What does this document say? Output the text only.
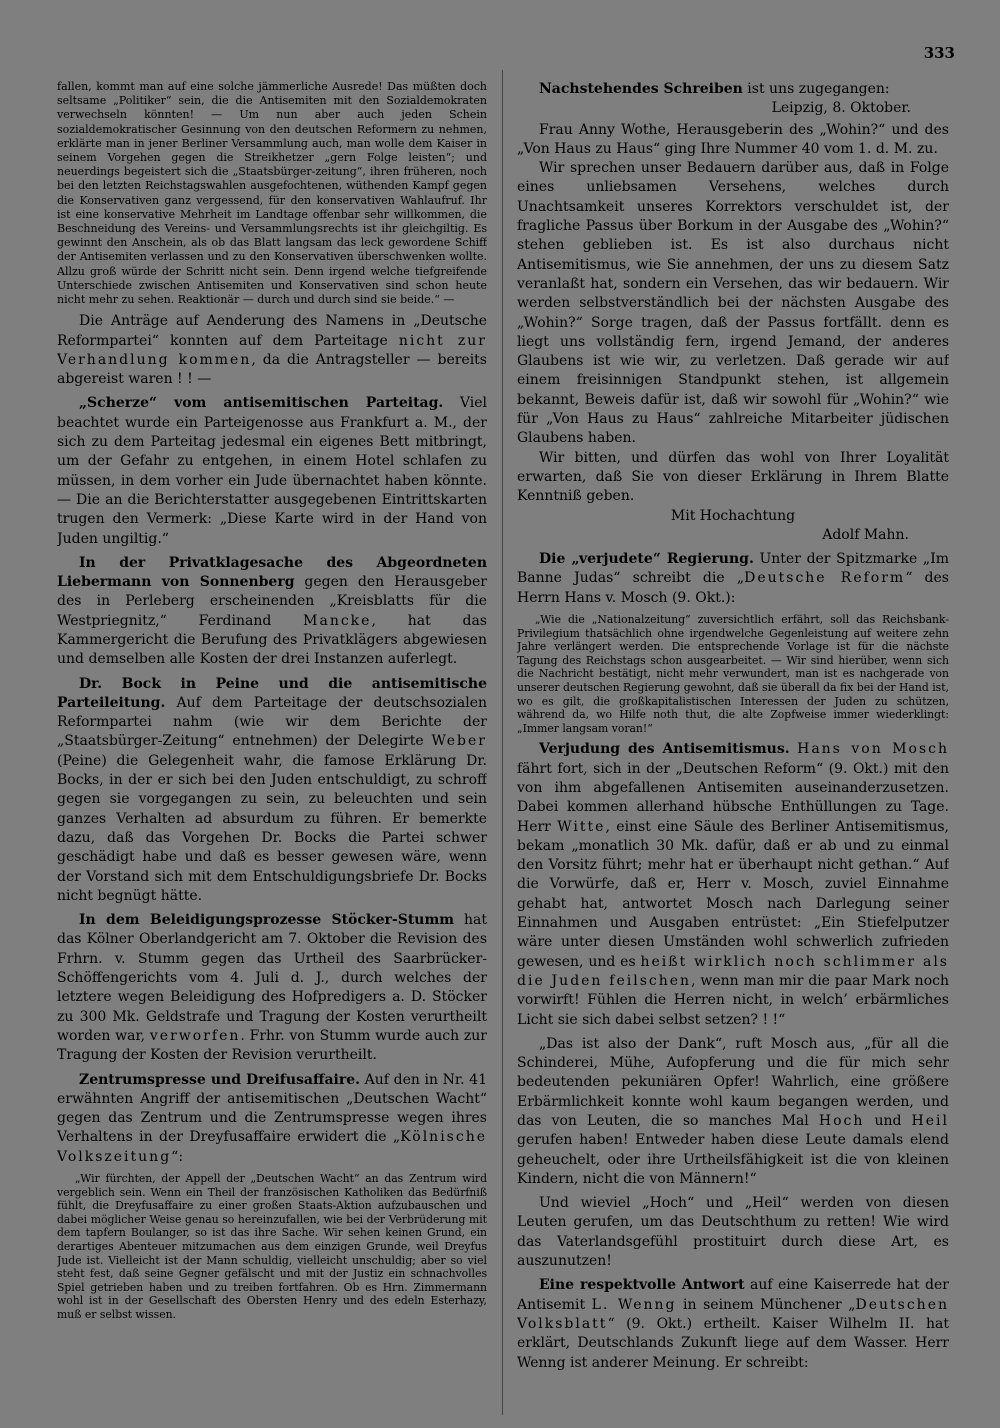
333

fallen, kommt man auf eine solche jämmerliche Ausrede! Das müßten doch seltsame „Politiker“ sein, die die Antisemiten mit den Sozialdemokraten verwechseln könnten! — Um nun aber auch jeden Schein sozialdemokratischer Gesinnung von den deutschen Reformern zu nehmen, erklärte man in jener Berliner Versammlung auch, man wolle dem Kaiser in seinem Vorgehen gegen die Streikhetzer „gern Folge leisten“; und neuerdings begeistert sich die „Staatsbürger-zeitung“, ihren früheren, noch bei den letzten Reichstagswahlen ausgefochtenen, wüthenden Kampf gegen die Konservativen ganz vergessend, für den konservativen Wahlaufruf. Ihr ist eine konservative Mehrheit im Landtage offenbar sehr willkommen, die Beschneidung des Vereins- und Versammlungsrechts ist ihr gleichgiltig. Es gewinnt den Anschein, als ob das Blatt langsam das leck gewordene Schiff der Antisemiten verlassen und zu den Konservativen überschwenken wollte. Allzu groß würde der Schritt nicht sein. Denn irgend welche tiefgreifende Unterschiede zwischen Antisemiten und Konservativen sind schon heute nicht mehr zu sehen. Reaktionär — durch und durch sind sie beide.“ —

Die Anträge auf Aenderung des Namens in „Deutsche Reformpartei“ konnten auf dem Parteitage nicht zur Verhandlung kommen, da die Antragsteller — bereits abgereist waren ! ! —

„Scherze“ vom antisemitischen Parteitag. Viel beachtet wurde ein Parteigenosse aus Frankfurt a. M., der sich zu dem Parteitag jedesmal ein eigenes Bett mitbringt, um der Gefahr zu entgehen, in einem Hotel schlafen zu müssen, in dem vorher ein Jude übernachtet haben könnte. — Die an die Berichterstatter ausgegebenen Eintrittskarten trugen den Vermerk: „Diese Karte wird in der Hand von Juden ungiltig.“

In der Privatklagesache des Abgeordneten Liebermann von Sonnenberg gegen den Herausgeber des in Perleberg erscheinenden „Kreisblatts für die Westpriegnitz,“ Ferdinand Mancke, hat das Kammergericht die Berufung des Privatklägers abgewiesen und demselben alle Kosten der drei Instanzen auferlegt.

Dr. Bock in Peine und die antisemitische Parteileitung. Auf dem Parteitage der deutschsozialen Reformpartei nahm (wie wir dem Berichte der „Staatsbürger-Zeitung“ entnehmen) der Delegirte Weber (Peine) die Gelegenheit wahr, die famose Erklärung Dr. Bocks, in der er sich bei den Juden entschuldigt, zu schroff gegen sie vorgegangen zu sein, zu beleuchten und sein ganzes Verhalten ad absurdum zu führen. Er bemerkte dazu, daß das Vorgehen Dr. Bocks die Partei schwer geschädigt habe und daß es besser gewesen wäre, wenn der Vorstand sich mit dem Entschuldigungsbriefe Dr. Bocks nicht begnügt hätte.

In dem Beleidigungsprozesse Stöcker-Stumm hat das Kölner Oberlandgericht am 7. Oktober die Revision des Frhrn. v. Stumm gegen das Urtheil des Saarbrücker-Schöffengerichts vom 4. Juli d. J., durch welches der letztere wegen Beleidigung des Hofpredigers a. D. Stöcker zu 300 Mk. Geldstrafe und Tragung der Kosten verurtheilt worden war, verworfen. Frhr. von Stumm wurde auch zur Tragung der Kosten der Revision verurtheilt.

Zentrumspresse und Dreifusaffaire. Auf den in Nr. 41 erwähnten Angriff der antisemitischen „Deutschen Wacht“ gegen das Zentrum und die Zentrumspresse wegen ihres Verhaltens in der Dreyfusaffaire erwidert die „Kölnische Volkszeitung“:

„Wir fürchten, der Appell der „Deutschen Wacht“ an das Zentrum wird vergeblich sein. Wenn ein Theil der französischen Katholiken das Bedürfniß fühlt, die Dreyfusaffaire zu einer großen Staats-Aktion aufzubauschen und dabei möglicher Weise genau so hereinzufallen, wie bei der Verbrüderung mit dem tapfern Boulanger, so ist das ihre Sache. Wir sehen keinen Grund, ein derartiges Abenteuer mitzumachen aus dem einzigen Grunde, weil Dreyfus Jude ist. Vielleicht ist der Mann schuldig, vielleicht unschuldig; aber so viel steht fest, daß seine Gegner gefälscht und mit der Justiz ein schnachvolles Spiel getrieben haben und zu treiben fortfahren. Ob es Hrn. Zimmermann wohl ist in der Gesellschaft des Obersten Henry und des edeln Esterhazy, muß er selbst wissen.

Nachstehendes Schreiben ist uns zugegangen:

Leipzig, 8. Oktober.

Frau Anny Wothe, Herausgeberin des „Wohin?“ und des „Von Haus zu Haus“ ging Ihre Nummer 40 vom 1. d. M. zu.

Wir sprechen unser Bedauern darüber aus, daß in Folge eines unliebsamen Versehens, welches durch Unachtsamkeit unseres Korrektors verschuldet ist, der fragliche Passus über Borkum in der Ausgabe des „Wohin?“ stehen geblieben ist. Es ist also durchaus nicht Antisemitismus, wie Sie annehmen, der uns zu diesem Satz veranlaßt hat, sondern ein Versehen, das wir bedauern. Wir werden selbstverständlich bei der nächsten Ausgabe des „Wohin?“ Sorge tragen, daß der Passus fortfällt. denn es liegt uns vollständig fern, irgend Jemand, der anderes Glaubens ist wie wir, zu verletzen. Daß gerade wir auf einem freisinnigen Standpunkt stehen, ist allgemein bekannt, Beweis dafür ist, daß wir sowohl für „Wohin?“ wie für „Von Haus zu Haus“ zahlreiche Mitarbeiter jüdischen Glaubens haben.

Wir bitten, und dürfen das wohl von Ihrer Loyalität erwarten, daß Sie von dieser Erklärung in Ihrem Blatte Kenntniß geben.

Mit Hochachtung

Adolf Mahn.

Die „verjudete“ Regierung. Unter der Spitzmarke „Im Banne Judas“ schreibt die „Deutsche Reform“ des Herrn Hans v. Mosch (9. Okt.):

„Wie die „Nationalzeitung“ zuversichtlich erfährt, soll das Reichsbank-Privilegium thatsächlich ohne irgendwelche Gegenleistung auf weitere zehn Jahre verlängert werden. Die entsprechende Vorlage ist für die nächste Tagung des Reichstags schon ausgearbeitet. — Wir sind hierüber, wenn sich die Nachricht bestätigt, nicht mehr verwundert, man ist es nachgerade von unserer deutschen Regierung gewohnt, daß sie überall da fix bei der Hand ist, wo es gilt, die großkapitalistischen Interessen der Juden zu schützen, während da, wo Hilfe noth thut, die alte Zopfweise immer wiederklingt: „Immer langsam voran!“

Verjudung des Antisemitismus. Hans von Mosch fährt fort, sich in der „Deutschen Reform“ (9. Okt.) mit den von ihm abgefallenen Antisemiten auseinanderzusetzen. Dabei kommen allerhand hübsche Enthüllungen zu Tage. Herr Witte, einst eine Säule des Berliner Antisemitismus, bekam „monatlich 30 Mk. dafür, daß er ab und zu einmal den Vorsitz führt; mehr hat er überhaupt nicht gethan.“ Auf die Vorwürfe, daß er, Herr v. Mosch, zuviel Einnahme gehabt hat, antwortet Mosch nach Darlegung seiner Einnahmen und Ausgaben entrüstet: „Ein Stiefelputzer wäre unter diesen Umständen wohl schwerlich zufrieden gewesen, und es heißt wirklich noch schlimmer als die Juden feilschen, wenn man mir die paar Mark noch vorwirft! Fühlen die Herren nicht, in welch’ erbärmliches Licht sie sich dabei selbst setzen? ! !“

„Das ist also der Dank“, ruft Mosch aus, „für all die Schinderei, Mühe, Aufopferung und die für mich sehr bedeutenden pekuniären Opfer! Wahrlich, eine größere Erbärmlichkeit konnte wohl kaum begangen werden, und das von Leuten, die so manches Mal Hoch und Heil gerufen haben! Entweder haben diese Leute damals elend geheuchelt, oder ihre Urtheilsfähigkeit ist die von kleinen Kindern, nicht die von Männern!“

Und wieviel „Hoch“ und „Heil“ werden von diesen Leuten gerufen, um das Deutschthum zu retten! Wie wird das Vaterlandsgefühl prostituirt durch diese Art, es auszunutzen!

Eine respektvolle Antwort auf eine Kaiserrede hat der Antisemit L. Wenng in seinem Münchener „Deutschen Volksblatt“ (9. Okt.) ertheilt. Kaiser Wilhelm II. hat erklärt, Deutschlands Zukunft liege auf dem Wasser. Herr Wenng ist anderer Meinung. Er schreibt:
